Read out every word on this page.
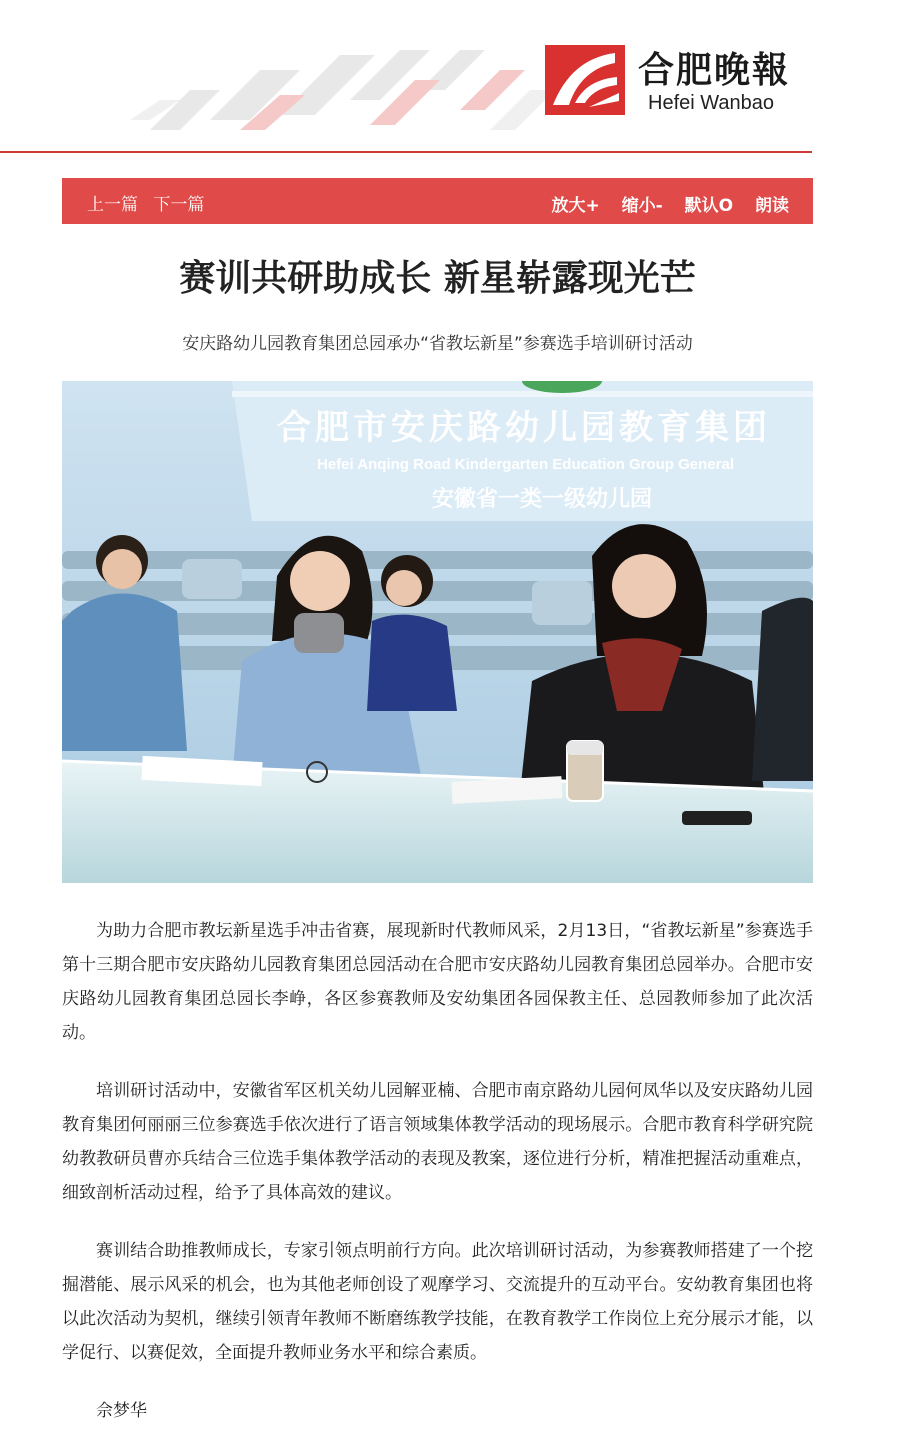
合肥晚報
Hefei Wanbao
上一篇 下一篇	放大+ 缩小- 默认O 朗读
赛训共研助成长 新星崭露现光芒
安庆路幼儿园教育集团总园承办“省教坛新星”参赛选手培训研讨活动
合肥市安庆路幼儿园教育集团
Hefei Anqing Road Kindergarten Education Group General
安徽省一类一级幼儿园

为助力合肥市教坛新星选手冲击省赛，展现新时代教师风采，2月13日，“省教坛新星”参赛选手第十三期合肥市安庆路幼儿园教育集团总园活动在合肥市安庆路幼儿园教育集团总园举办。合肥市安庆路幼儿园教育集团总园长李峥，各区参赛教师及安幼集团各园保教主任、总园教师参加了此次活动。

培训研讨活动中，安徽省军区机关幼儿园解亚楠、合肥市南京路幼儿园何凤华以及安庆路幼儿园教育集团何丽丽三位参赛选手依次进行了语言领域集体教学活动的现场展示。合肥市教育科学研究院幼教教研员曹亦兵结合三位选手集体教学活动的表现及教案，逐位进行分析，精准把握活动重难点，细致剖析活动过程，给予了具体高效的建议。

赛训结合助推教师成长，专家引领点明前行方向。此次培训研讨活动，为参赛教师搭建了一个挖掘潜能、展示风采的机会，也为其他老师创设了观摩学习、交流提升的互动平台。安幼教育集团也将以此次活动为契机，继续引领青年教师不断磨练教学技能，在教育教学工作岗位上充分展示才能，以学促行、以赛促效，全面提升教师业务水平和综合素质。

佘梦华
